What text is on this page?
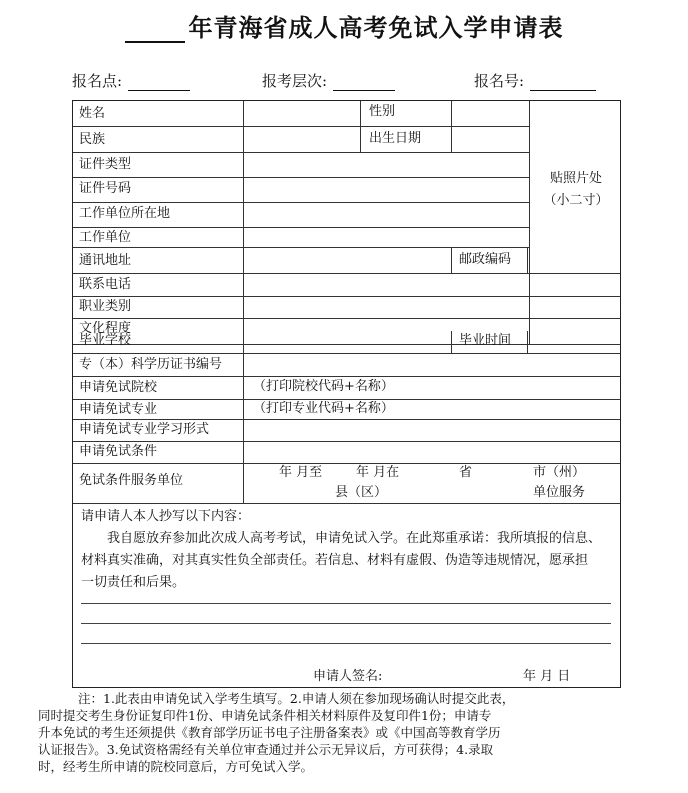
年青海省成人高考免试入学申请表
报名点:	报考层次:	报名号:
姓名	性别
民族	出生日期
证件类型
证件号码
工作单位所在地
工作单位
通讯地址	邮政编码
联系电话
职业类别
文化程度
毕业学校	毕业时间
专（本）科学历证书编号
申请免试院校	（打印院校代码+名称）
申请免试专业	（打印专业代码+名称）
申请免试专业学习形式
申请免试条件
免试条件服务单位
年 月至	年 月在	省	市（州）
县（区）	单位服务
贴照片处
（小二寸）

请申请人本人抄写以下内容：

我自愿放弃参加此次成人高考考试，申请免试入学。在此郑重承诺：我所填报的信息、

材料真实准确，对其真实性负全部责任。若信息、材料有虚假、伪造等违规情况，愿承担

一切责任和后果。

申请人签名:	年 月 日
注：1.此表由申请免试入学考生填写。2.申请人须在参加现场确认时提交此表，
同时提交考生身份证复印件1份、申请免试条件相关材料原件及复印件1份；申请专
升本免试的考生还须提供《教育部学历证书电子注册备案表》或《中国高等教育学历
认证报告》。3.免试资格需经有关单位审查通过并公示无异议后，方可获得；4.录取
时，经考生所申请的院校同意后，方可免试入学。
